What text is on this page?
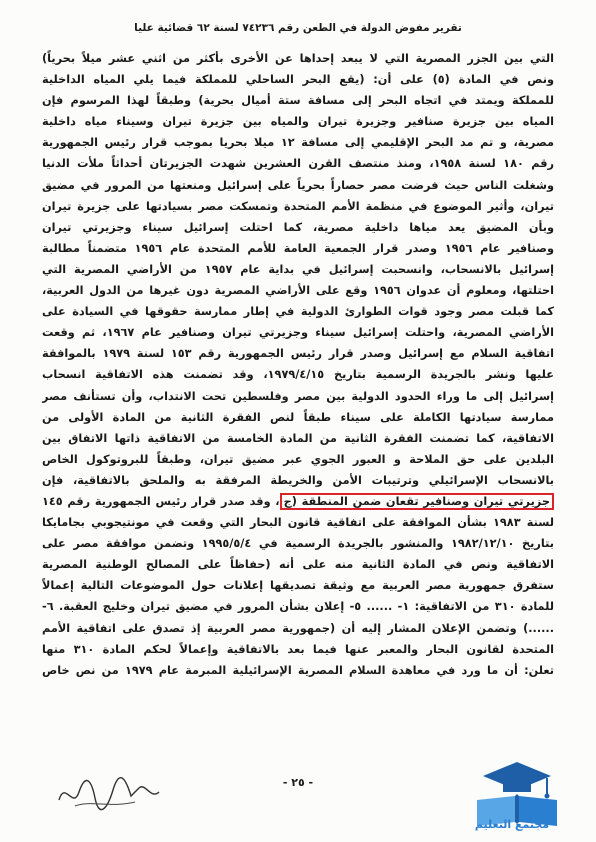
تقرير مفوض الدولة في الطعن رقم ٧٤٢٣٦ لسنة ٦٢ قضائية عليا
التي بين الجزر المصرية التي لا يبعد إحداها عن الأخرى بأكثر من اثني عشر ميلاً بحرياً)
ونص في المادة (٥) على أن: (يقع البحر الساحلي للمملكة فيما يلي المياه الداخلية
للمملكة ويمتد في اتجاه البحر إلى مسافة ستة أميال بحرية) وطبقاً لهذا المرسوم فإن
المياه بين جزيرة صنافير وجزيرة تيران والمياه بين جزيرة تيران وسيناء مياه داخلية
مصرية، و تم مد البحر الإقليمي إلى مسافة ١٢ ميلا بحريا بموجب قرار رئيس الجمهورية
رقم ١٨٠ لسنة ١٩٥٨، ومنذ منتصف القرن العشرين شهدت الجزيرتان أحداثاً ملأت الدنيا
وشغلت الناس حيث فرضت مصر حصاراً بحرياً على إسرائيل ومنعتها من المرور في مضيق
تيران، وأثير الموضوع في منظمة الأمم المتحدة وتمسكت مصر بسيادتها على جزيرة تيران
وبأن المضيق يعد مياها داخلية مصرية، كما احتلت إسرائيل سيناء وجزيرتي تيران
وصنافير عام ١٩٥٦ وصدر قرار الجمعية العامة للأمم المتحدة عام ١٩٥٦ متضمناً مطالبة
إسرائيل بالانسحاب، وانسحبت إسرائيل في بداية عام ١٩٥٧ من الأراضي المصرية التي
احتلتها، ومعلوم أن عدوان ١٩٥٦ وقع على الأراضي المصرية دون غيرها من الدول العربية،
كما قبلت مصر وجود قوات الطوارئ الدولية في إطار ممارسة حقوقها في السيادة على
الأراضي المصرية، واحتلت إسرائيل سيناء وجزيرتي تيران وصنافير عام ١٩٦٧، ثم وقعت
اتفاقية السلام مع إسرائيل وصدر قرار رئيس الجمهورية رقم ١٥٣ لسنة ١٩٧٩ بالموافقة
عليها ونشر بالجريدة الرسمية بتاريخ ١٩٧٩/٤/١٥، وقد تضمنت هذه الاتفاقية انسحاب
إسرائيل إلى ما وراء الحدود الدولية بين مصر وفلسطين تحت الانتداب، وأن تستأنف مصر
ممارسة سيادتها الكاملة على سيناء طبقاً لنص الفقرة الثانية من المادة الأولى من
الاتفاقية، كما تضمنت الفقرة الثانية من المادة الخامسة من الاتفاقية ذاتها الاتفاق بين
البلدين على حق الملاحة و العبور الجوي عبر مضيق تيران، وطبقاً للبروتوكول الخاص
بالانسحاب الإسرائيلي وترتيبات الأمن والخريطة المرفقة به والملحق بالاتفاقية، فإن
جزيرتي تيران وصنافير تقعان ضمن المنطقة (ج، وقد صدر قرار رئيس الجمهورية رقم ١٤٥
لسنة ١٩٨٣ بشأن الموافقة على اتفاقية قانون البحار التي وقعت في مونتيجوبي بجامايكا
بتاريخ ١٩٨٢/١٢/١٠ والمنشور بالجريدة الرسمية في ١٩٩٥/٥/٤ وتضمن موافقة مصر على
الاتفاقية ونص في المادة الثانية منه على أنه (حفاظاً على المصالح الوطنية المصرية
ستفرق جمهورية مصر العربية مع وثيقة تصديقها إعلانات حول الموضوعات التالية إعمالاً
للمادة ٣١٠ من الاتفاقية: ١- ...... ٥- إعلان بشأن المرور في مضيق تيران وخليج العقبة. ٦-
......) وتضمن الإعلان المشار إليه أن (جمهورية مصر العربية إذ تصدق على اتفاقية الأمم
المتحدة لقانون البحار والمعبر عنها فيما بعد بالاتفاقية وإعمالاً لحكم المادة ٣١٠ منها
تعلن: أن ما ورد في معاهدة السلام المصرية الإسرائيلية المبرمة عام ١٩٧٩ من نص خاص
- ٢٥ -
مجتمع التعليم
